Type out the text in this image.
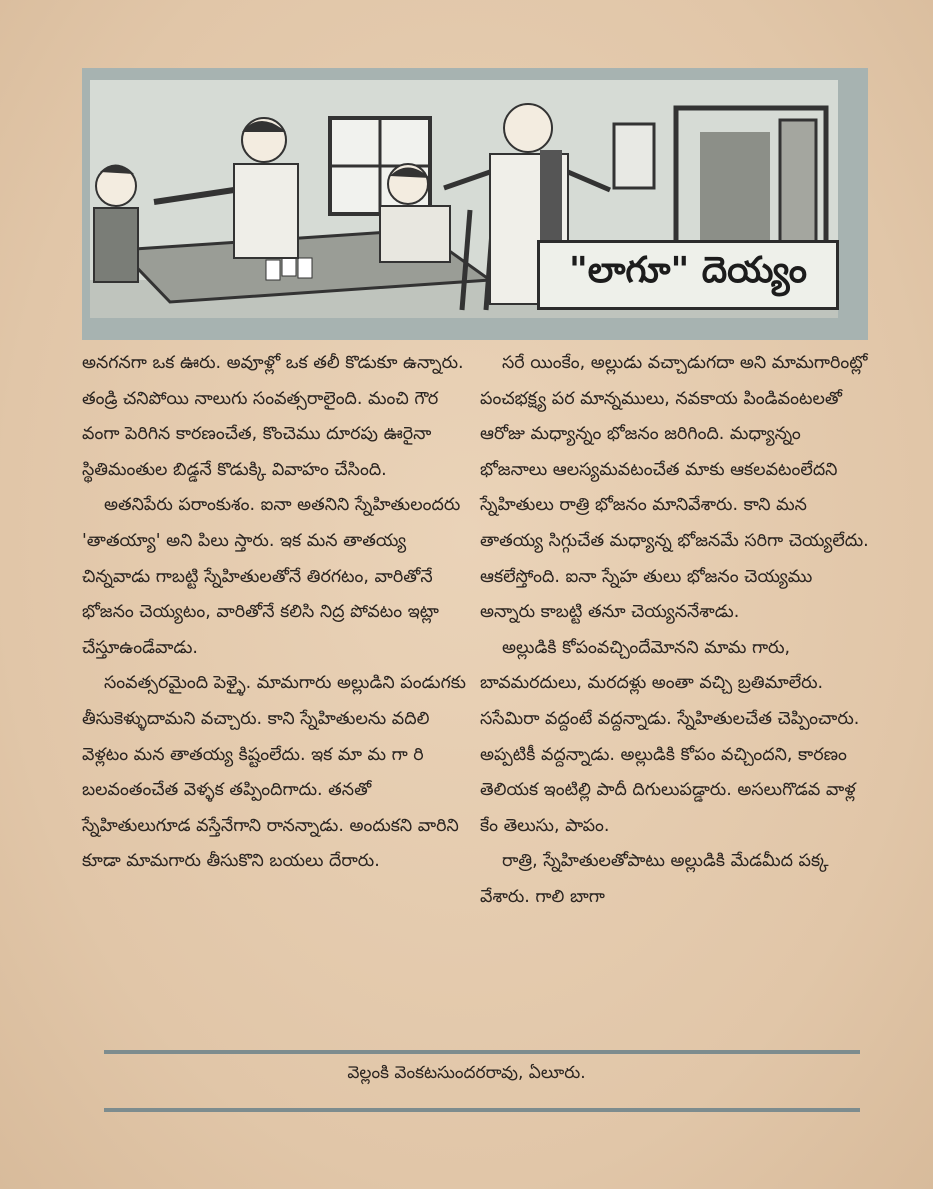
"లాగూ" దెయ్యం

అనగనగా ఒక ఊరు. అవూళ్లో ఒక తలీ కొడుకూ ఉన్నారు. తండ్రి చనిపోయి నాలుగు సంవత్సరాలైంది. మంచి గౌర వంగా పెరిగిన కారణంచేత, కొంచెము దూరపు ఊరైనా స్థితిమంతుల బిడ్డనే కొడుక్కి వివాహం చేసింది.

అతనిపేరు పరాంకుశం. ఐనా అతనిని స్నేహితులందరు 'తాతయ్యా' అని పిలు స్తారు. ఇక మన తాతయ్య చిన్నవాడు గాబట్టి స్నేహితులతోనే తిరగటం, వారితోనే భోజనం చెయ్యటం, వారితోనే కలిసి నిద్ర పోవటం ఇట్లా చేస్తూఉండేవాడు.

సంవత్సరమైంది పెళ్ళై. మామగారు అల్లుడిని పండుగకు తీసుకెళ్ళుదామని వచ్చారు. కాని స్నేహితులను వదిలి వెళ్లటం మన తాతయ్య కిష్టంలేదు. ఇక మా మ గా రి బలవంతంచేత వెళ్ళక తప్పిందిగాదు. తనతో స్నేహితులుగూడ వస్తేనేగాని రానన్నాడు. అందుకని వారిని కూడా మామగారు తీసుకొని బయలు దేరారు.

సరే యింకేం, అల్లుడు వచ్చాడుగదా అని మామగారింట్లో పంచభక్ష్య పర మాన్నములు, నవకాయ పిండివంటలతో ఆరోజు మధ్యాన్నం భోజనం జరిగింది. మధ్యాన్నం భోజనాలు ఆలస్యమవటంచేత మాకు ఆకలవటంలేదని స్నేహితులు రాత్రి భోజనం మానివేశారు. కాని మన తాతయ్య సిగ్గుచేత మధ్యాన్న భోజనమే సరిగా చెయ్యలేదు. ఆకలేస్తోంది. ఐనా స్నేహ తులు భోజనం చెయ్యము అన్నారు కాబట్టి తనూ చెయ్యననేశాడు.

అల్లుడికి కోపంవచ్చిందేమోనని మామ గారు, బావమరదులు, మరదళ్లు అంతా వచ్చి బ్రతిమాలేరు. ససేమిరా వద్దంటే వద్దన్నాడు. స్నేహితులచేత చెప్పించారు. అప్పటికీ వద్దన్నాడు. అల్లుడికి కోపం వచ్చిందని, కారణం తెలియక ఇంటిల్లి పాదీ దిగులుపడ్డారు. అసలుగొడవ వాళ్ల కేం తెలుసు, పాపం.

రాత్రి, స్నేహితులతోపాటు అల్లుడికి మేడమీద పక్క వేశారు. గాలి బాగా

వెల్లంకి వెంకటసుందరరావు, ఏలూరు.
